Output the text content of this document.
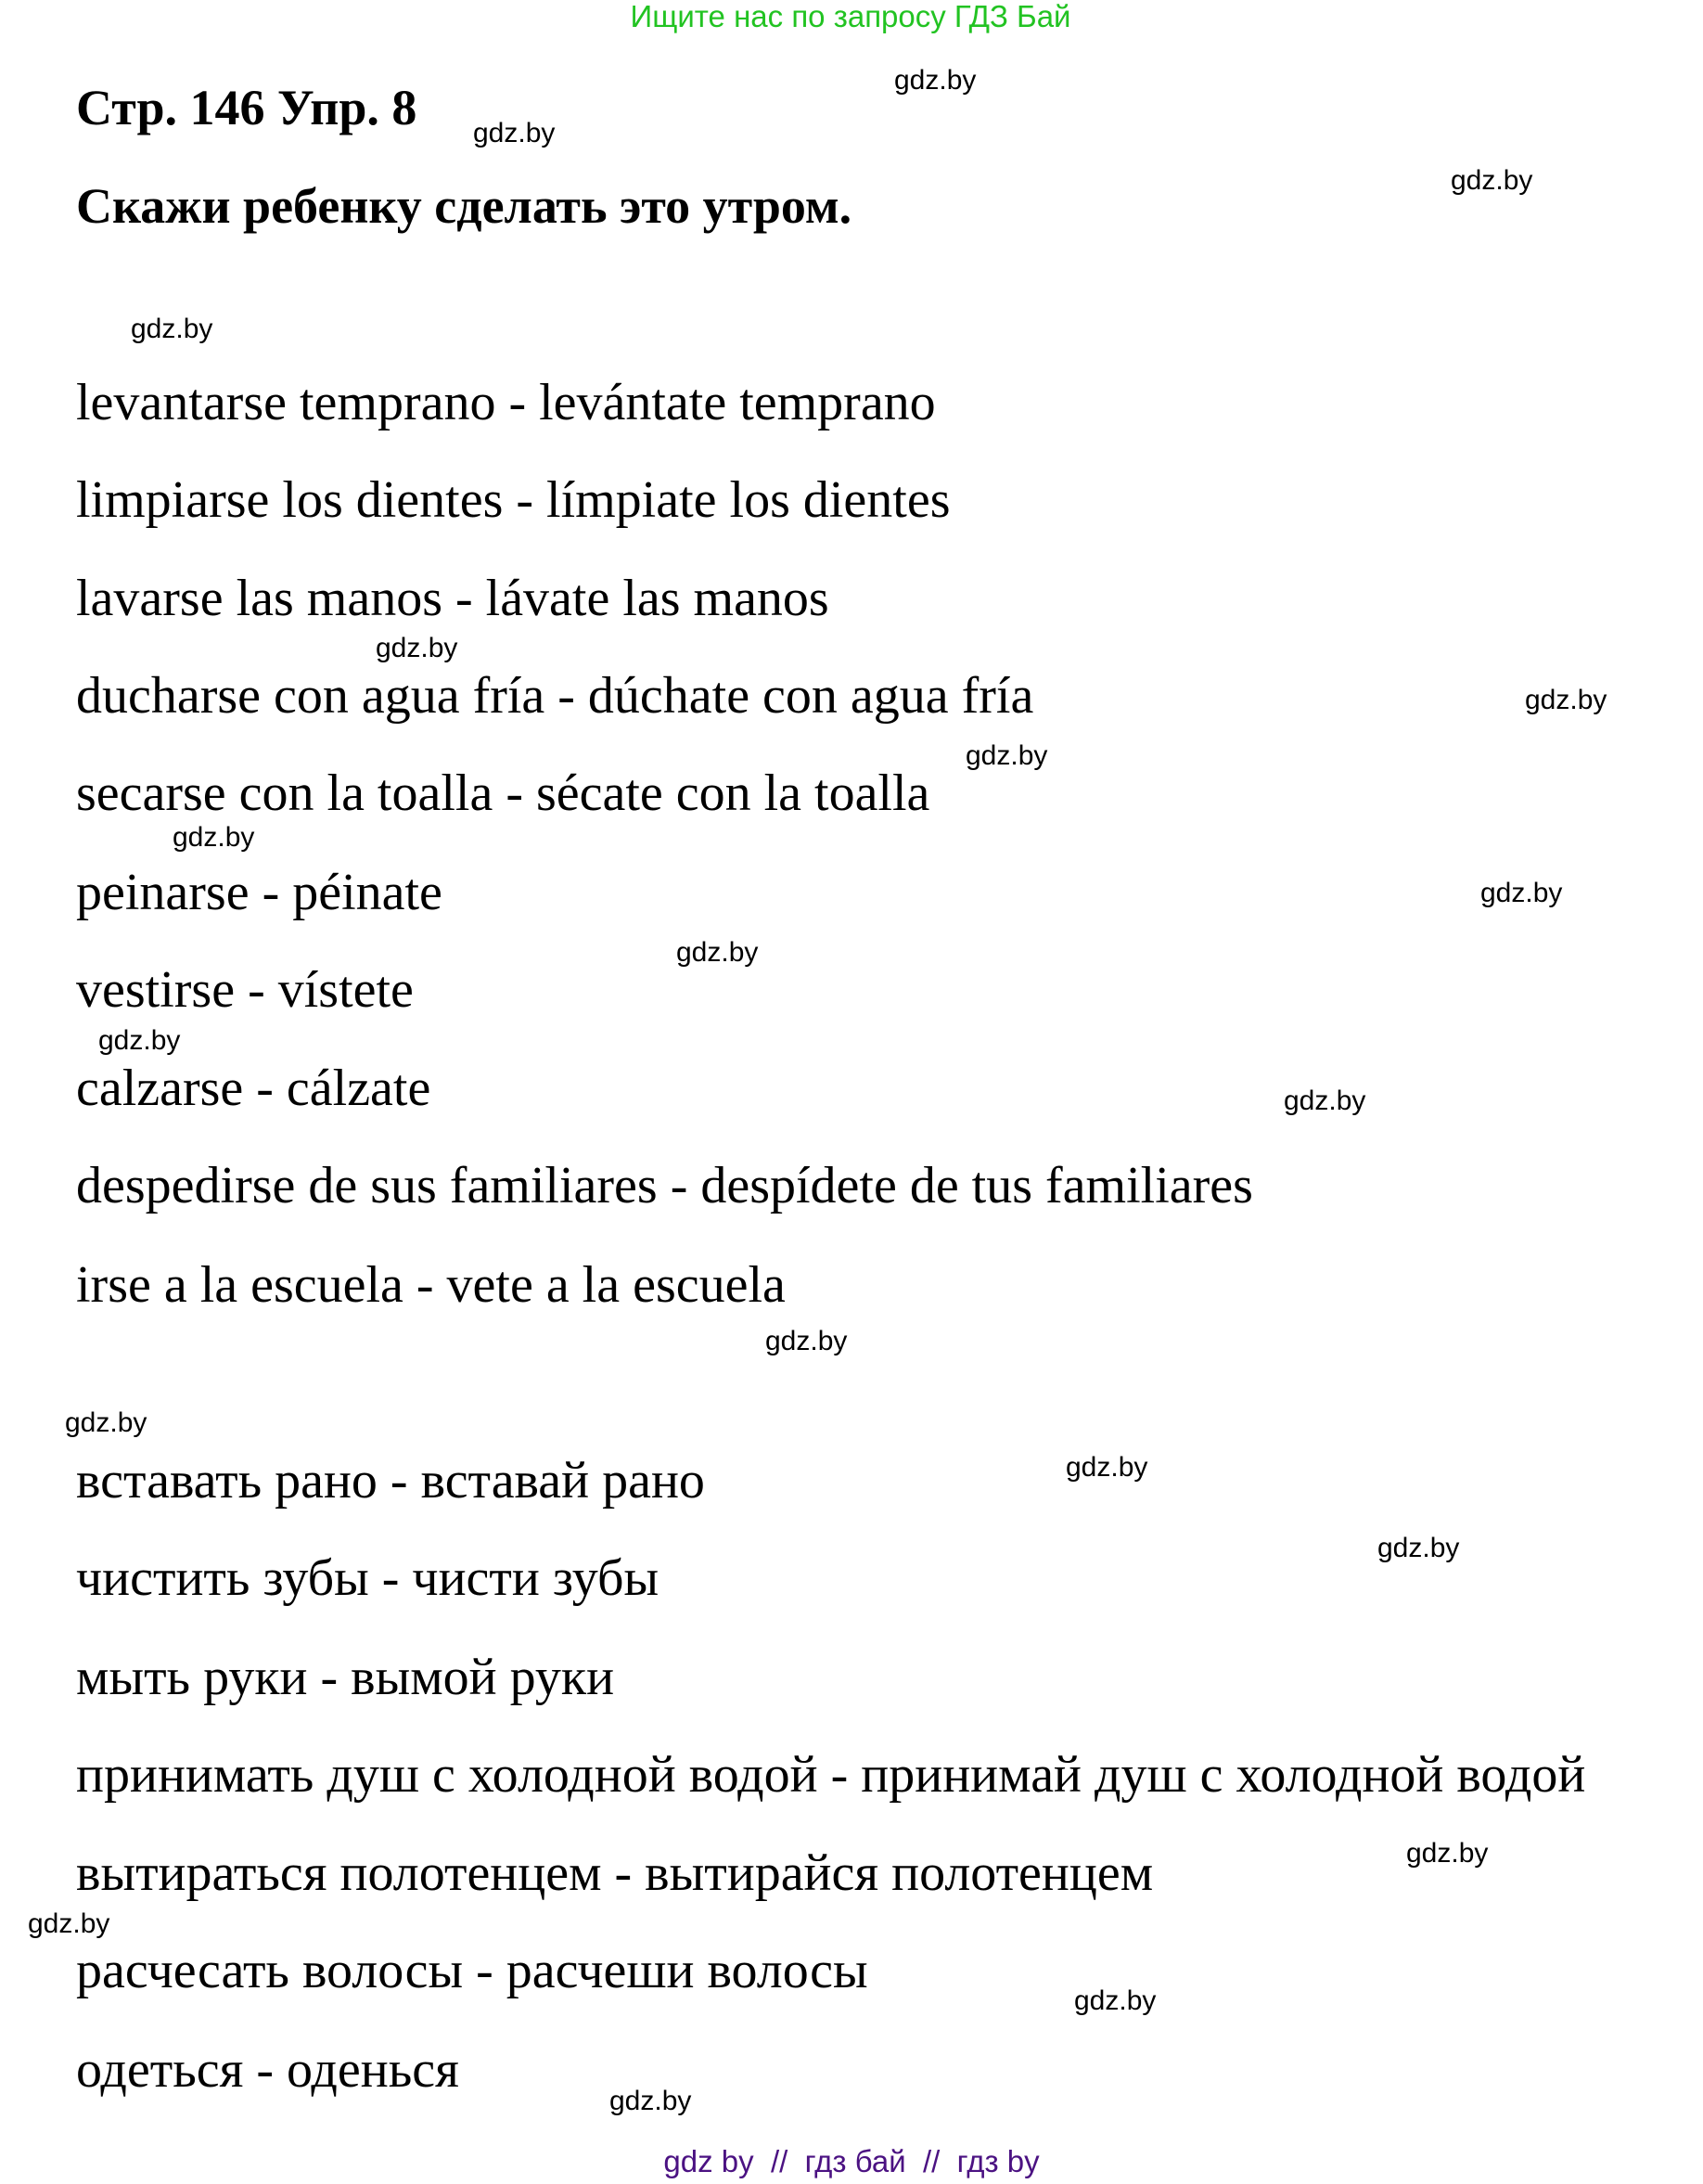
Ищите нас по запросу ГДЗ Бай
Стр. 146 Упр. 8
Скажи ребенку сделать это утром.
levantarse temprano - levántate temprano
limpiarse los dientes - límpiate los dientes
lavarse las manos - lávate las manos
ducharse con agua fría - dúchate con agua fría
secarse con la toalla - sécate con la toalla
peinarse - péinate
vestirse - vístete
calzarse - cálzate
despedirse de sus familiares - despídete de tus familiares
irse a la escuela - vete a la escuela
вставать рано - вставай рано
чистить зубы - чисти зубы
мыть руки - вымой руки
принимать душ с холодной водой - принимай душ с холодной водой
вытираться полотенцем - вытирайся полотенцем
расчесать волосы - расчеши волосы
одеться - оденься
gdz.by
gdz.by
gdz.by
gdz.by
gdz.by
gdz.by
gdz.by
gdz.by
gdz.by
gdz.by
gdz.by
gdz.by
gdz.by
gdz.by
gdz.by
gdz.by
gdz.by
gdz.by
gdz.by
gdz.by
gdz by  //  гдз бай  //  гдз by
